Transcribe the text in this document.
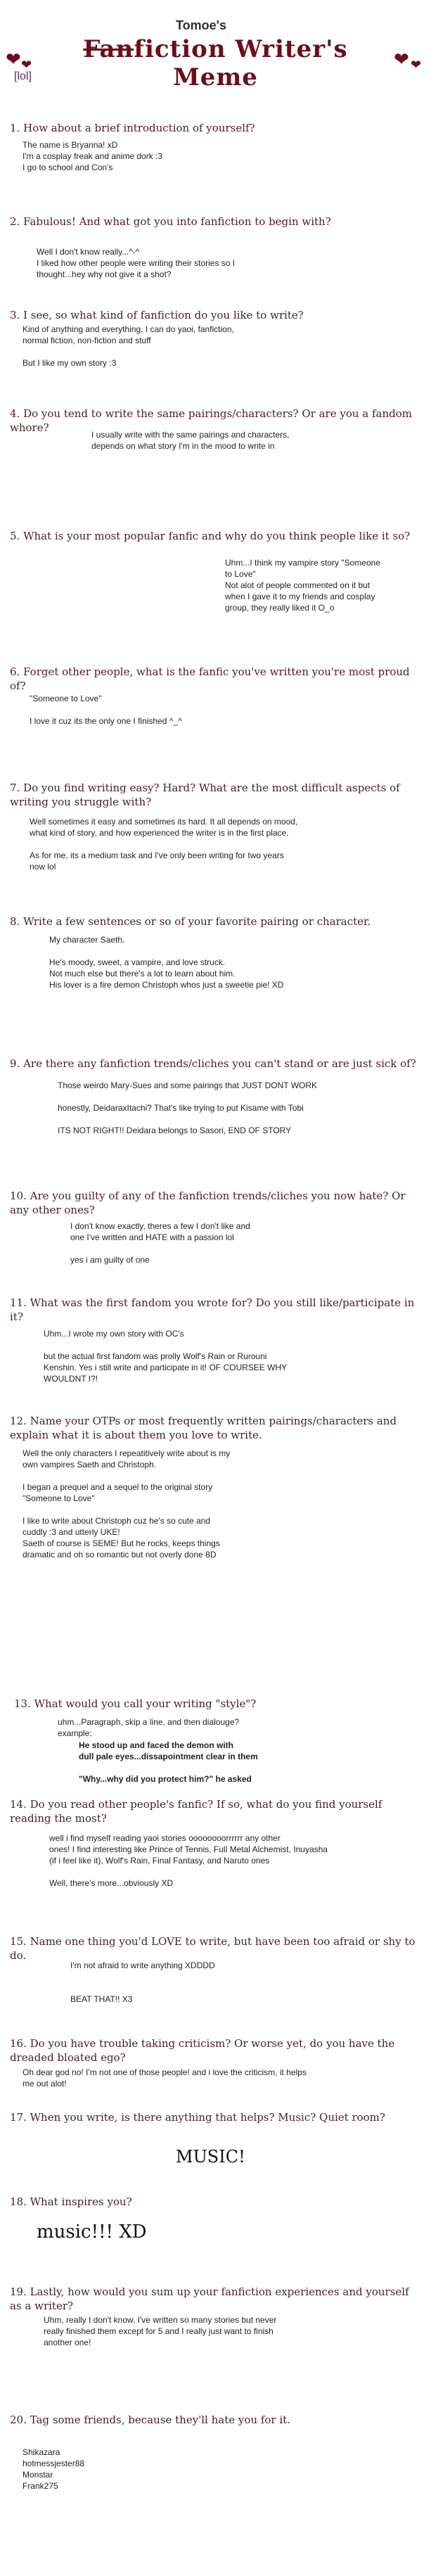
Tomoe's
Fanfiction Writer's Meme
[lol]
❤ ❤	❤ ❤
1. How about a brief introduction of yourself?
The name is Bryanna! xD
I'm a cosplay freak and anime dork :3
I go to school and Con's
2. Fabulous! And what got you into fanfiction to begin with?
Well I don't know really...^-^
I liked how other people were writing their stories so I
thought...hey why not give it a shot?
3. I see, so what kind of fanfiction do you like to write?
Kind of anything and everything, I can do yaoi, fanfiction,
normal fiction, non-fiction and stuff

But I like my own story :3
4. Do you tend to write the same pairings/characters? Or are you a fandom whore?
I usually write with the same pairings and characters,
depends on what story I'm in the mood to write in
5. What is your most popular fanfic and why do you think people like it so?
Uhm...I think my vampire story "Someone
to Love"
Not alot of people commented on it but
when I gave it to my friends and cosplay
group, they really liked it O_o
6. Forget other people, what is the fanfic you've written you're most proud of?
"Someone to Love"

I love it cuz its the only one I finished ^_^
7. Do you find writing easy? Hard? What are the most difficult aspects of writing you struggle with?
Well sometimes it easy and sometimes its hard. It all depends on mood,
what kind of story, and how experienced the writer is in the first place.

As for me, its a medium task and I've only been writing for two years
now lol
8. Write a few sentences or so of your favorite pairing or character.
My character Saeth.

He's moody, sweet, a vampire, and love struck.
Not much else but there's a lot to learn about him.
His lover is a fire demon Christoph whos just a sweetie pie! XD
9. Are there any fanfiction trends/cliches you can't stand or are just sick of?
Those weirdo Mary-Sues and some pairings that JUST DONT WORK

honestly, DeidaraxItachi? That's like trying to put Kisame with Tobi

ITS NOT RIGHT!! Deidara belongs to Sasori, END OF STORY
10. Are you guilty of any of the fanfiction trends/cliches you now hate? Or any other ones?
I don't know exactly, theres a few I don't like and
one I've written and HATE with a passion lol

yes i am guilty of one
11. What was the first fandom you wrote for? Do you still like/participate in it?
Uhm...I wrote my own story with OC's

but the actual first fandom was prolly Wolf's Rain or Rurouni
Kenshin. Yes i still write and participate in it! OF COURSEE WHY
WOULDNT I?!
12. Name your OTPs or most frequently written pairings/characters and explain what it is about them you love to write.
Well the only characters I repeatitively write about is my
own vampires Saeth and Christoph.

I began a prequel and a sequel to the original story
"Someone to Love"

I like to write about Christoph cuz he's so cute and
cuddly :3 and utterly UKE!
Saeth of course is SEME! But he rocks, keeps things
dramatic and oh so romantic but not overly done 8D
13. What would you call your writing "style"?
uhm...Paragraph, skip a line, and then dialouge?
example:
He stood up and faced the demon with
dull pale eyes...dissapointment clear in them

"Why...why did you protect him?" he asked
14. Do you read other people's fanfic? If so, what do you find yourself reading the most?
well i find myself reading yaoi stories oooooooorrrrrr any other
ones! I find interesting like Prince of Tennis, Full Metal Alchemist, Inuyasha
(if i feel like it), Wolf's Rain, Final Fantasy, and Naruto ones

Well, there's more...obviously XD
15. Name one thing you'd LOVE to write, but have been too afraid or shy to do.
I'm not afraid to write anything XDDDD

BEAT THAT!! X3
16. Do you have trouble taking criticism? Or worse yet, do you have the dreaded bloated ego?
Oh dear god no! I'm not one of those people! and i love the criticism, it helps
me out alot!
17. When you write, is there anything that helps? Music? Quiet room?
MUSIC!
18. What inspires you?
music!!! XD
19. Lastly, how would you sum up your fanfiction experiences and yourself as a writer?
Uhm, really I don't know. I've written so many stories but never
really finished them except for 5 and I really just want to finish
another one!
20. Tag some friends, because they'll hate you for it.
Shikazara
hotmessjester88
Monstar
Frank275
